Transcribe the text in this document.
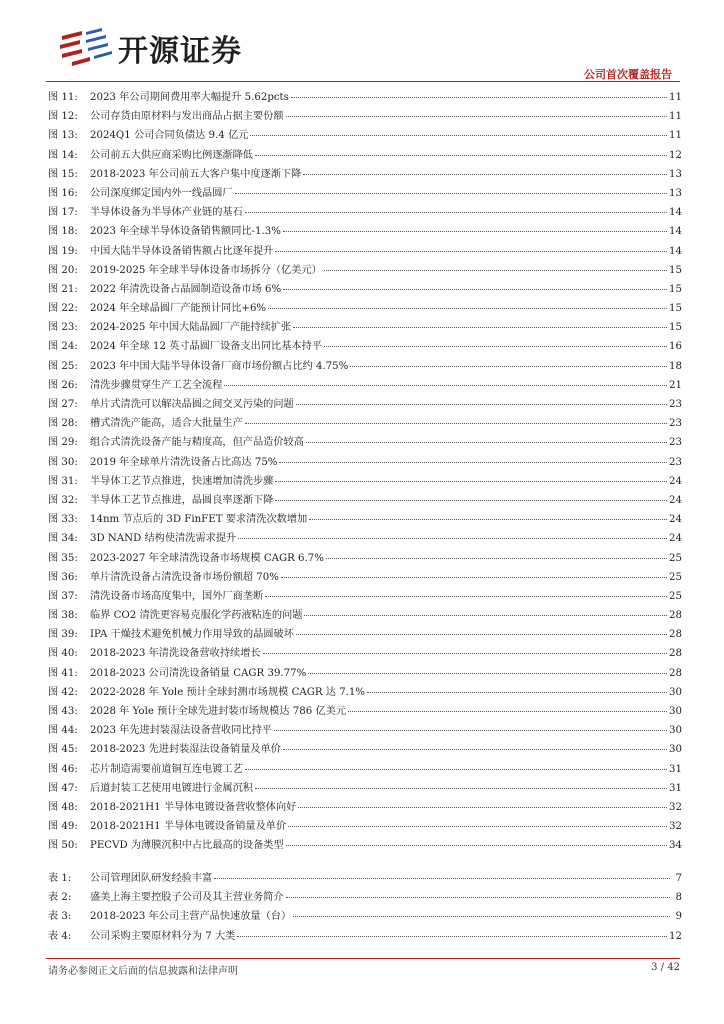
开源证券
公司首次覆盖报告
图 11:	2023 年公司期间费用率大幅提升 5.62pcts	11
图 12:	公司存货由原材料与发出商品占据主要份额	11
图 13:	2024Q1 公司合同负债达 9.4 亿元	11
图 14:	公司前五大供应商采购比例逐渐降低	12
图 15:	2018-2023 年公司前五大客户集中度逐渐下降	13
图 16:	公司深度绑定国内外一线晶圆厂	13
图 17:	半导体设备为半导体产业链的基石	14
图 18:	2023 年全球半导体设备销售额同比-1.3%	14
图 19:	中国大陆半导体设备销售额占比逐年提升	14
图 20:	2019-2025 年全球半导体设备市场拆分（亿美元）	15
图 21:	2022 年清洗设备占晶圆制造设备市场 6%	15
图 22:	2024 年全球晶圆厂产能预计同比+6%	15
图 23:	2024-2025 年中国大陆晶圆厂产能持续扩张	15
图 24:	2024 年全球 12 英寸晶圆厂设备支出同比基本持平	16
图 25:	2023 年中国大陆半导体设备厂商市场份额占比约 4.75%	18
图 26:	清洗步骤贯穿生产工艺全流程	21
图 27:	单片式清洗可以解决晶圆之间交叉污染的问题	23
图 28:	槽式清洗产能高，适合大批量生产	23
图 29:	组合式清洗设备产能与精度高，但产品造价较高	23
图 30:	2019 年全球单片清洗设备占比高达 75%	23
图 31:	半导体工艺节点推进，快速增加清洗步骤	24
图 32:	半导体工艺节点推进，晶圆良率逐渐下降	24
图 33:	14nm 节点后的 3D FinFET 要求清洗次数增加	24
图 34:	3D NAND 结构使清洗需求提升	24
图 35:	2023-2027 年全球清洗设备市场规模 CAGR 6.7%	25
图 36:	单片清洗设备占清洗设备市场份额超 70%	25
图 37:	清洗设备市场高度集中，国外厂商垄断	25
图 38:	临界 CO2 清洗更容易克服化学药液粘连的问题	28
图 39:	IPA 干燥技术避免机械力作用导致的晶圆破坏	28
图 40:	2018-2023 年清洗设备营收持续增长	28
图 41:	2018-2023 公司清洗设备销量 CAGR 39.77%	28
图 42:	2022-2028 年 Yole 预计全球封测市场规模 CAGR 达 7.1%	30
图 43:	2028 年 Yole 预计全球先进封装市场规模达 786 亿美元	30
图 44:	2023 年先进封装湿法设备营收同比持平	30
图 45:	2018-2023 先进封装湿法设备销量及单价	30
图 46:	芯片制造需要前道铜互连电镀工艺	31
图 47:	后道封装工艺使用电镀进行金属沉积	31
图 48:	2018-2021H1 半导体电镀设备营收整体向好	32
图 49:	2018-2021H1 半导体电镀设备销量及单价	32
图 50:	PECVD 为薄膜沉积中占比最高的设备类型	34
表 1:	公司管理团队研发经验丰富	7
表 2:	盛美上海主要控股子公司及其主营业务简介	8
表 3:	2018-2023 年公司主营产品快速放量（台）	9
表 4:	公司采购主要原材料分为 7 大类	12
请务必参阅正文后面的信息披露和法律声明	3 / 42
